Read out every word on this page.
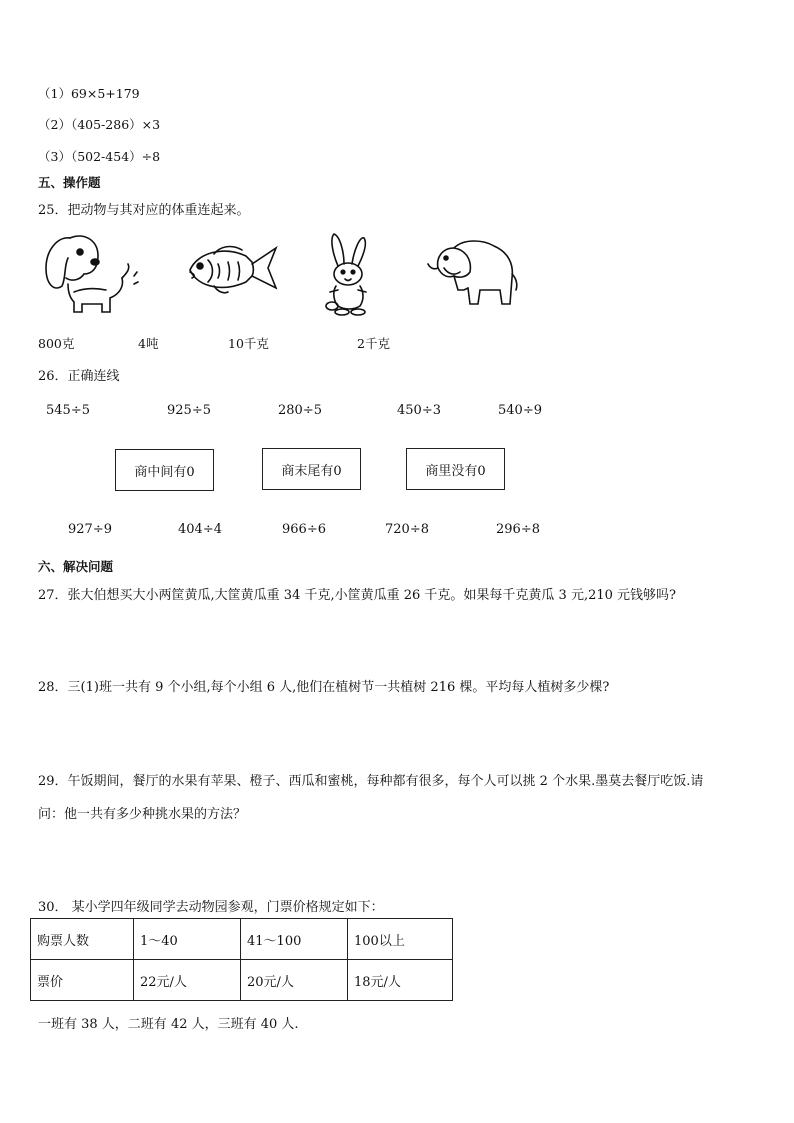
（1）69×5+179
（2）（405-286）×3
（3）（502-454）÷8
五、操作题
25．把动物与其对应的体重连起来。
800克	4吨	10千克	2千克
26．正确连线
545÷5	925÷5	280÷5	450÷3	540÷9
商中间有0	商末尾有0	商里没有0
927÷9	404÷4	966÷6	720÷8	296÷8
六、解决问题
27．张大伯想买大小两筐黄瓜,大筐黄瓜重 34 千克,小筐黄瓜重 26 千克。如果每千克黄瓜 3 元,210 元钱够吗?
28．三(1)班一共有 9 个小组,每个小组 6 人,他们在植树节一共植树 216 棵。平均每人植树多少棵?
29．午饭期间，餐厅的水果有苹果、橙子、西瓜和蜜桃，每种都有很多，每个人可以挑 2 个水果.墨莫去餐厅吃饭.请
问：他一共有多少种挑水果的方法？
30． 某小学四年级同学去动物园参观，门票价格规定如下：
购票人数	1～40	41～100	100以上
票价	22元/人	20元/人	18元/人
一班有 38 人，二班有 42 人，三班有 40 人.
